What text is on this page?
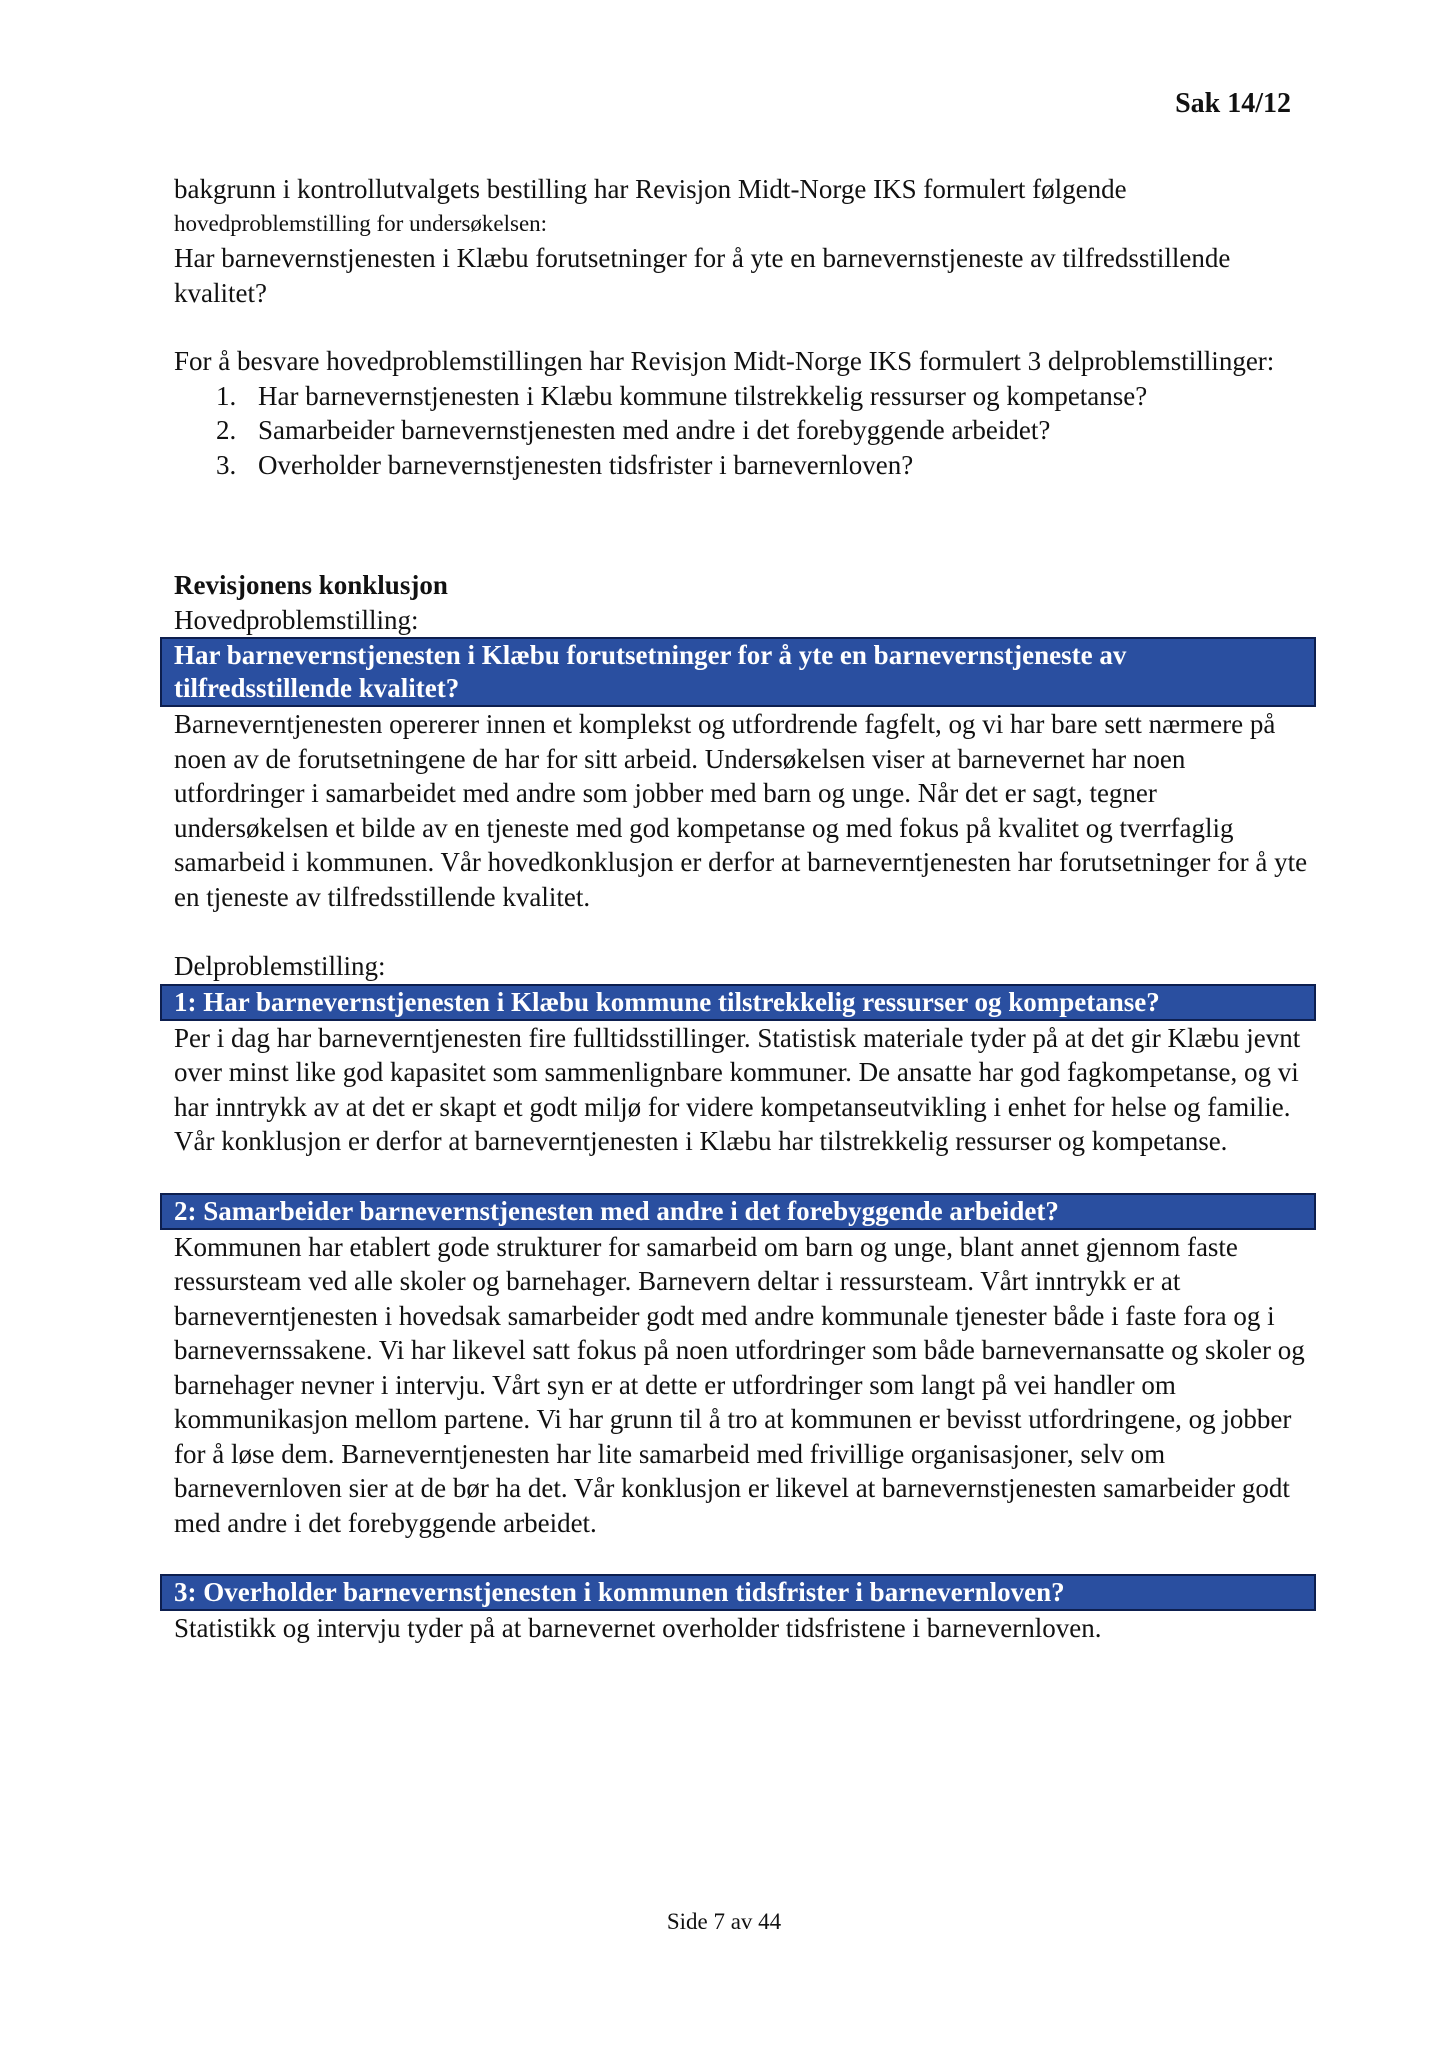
Sak 14/12

bakgrunn i kontrollutvalgets bestilling har Revisjon Midt-Norge IKS formulert følgende

hovedproblemstilling for undersøkelsen:

Har barnevernstjenesten i Klæbu forutsetninger for å yte en barnevernstjeneste av tilfredsstillende kvalitet?

For å besvare hovedproblemstillingen har Revisjon Midt-Norge IKS formulert 3 delproblemstillinger:

1. Har barnevernstjenesten i Klæbu kommune tilstrekkelig ressurser og kompetanse?
2. Samarbeider barnevernstjenesten med andre i det forebyggende arbeidet?
3. Overholder barnevernstjenesten tidsfrister i barnevernloven?

Revisjonens konklusjon

Hovedproblemstilling:

Har barnevernstjenesten i Klæbu forutsetninger for å yte en barnevernstjeneste av tilfredsstillende kvalitet?

Barneverntjenesten opererer innen et komplekst og utfordrende fagfelt, og vi har bare sett nærmere på noen av de forutsetningene de har for sitt arbeid. Undersøkelsen viser at barnevernet har noen utfordringer i samarbeidet med andre som jobber med barn og unge. Når det er sagt, tegner undersøkelsen et bilde av en tjeneste med god kompetanse og med fokus på kvalitet og tverrfaglig samarbeid i kommunen. Vår hovedkonklusjon er derfor at barneverntjenesten har forutsetninger for å yte en tjeneste av tilfredsstillende kvalitet.

Delproblemstilling:

1: Har barnevernstjenesten i Klæbu kommune tilstrekkelig ressurser og kompetanse?

Per i dag har barneverntjenesten fire fulltidsstillinger. Statistisk materiale tyder på at det gir Klæbu jevnt over minst like god kapasitet som sammenlignbare kommuner. De ansatte har god fagkompetanse, og vi har inntrykk av at det er skapt et godt miljø for videre kompetanseutvikling i enhet for helse og familie. Vår konklusjon er derfor at barneverntjenesten i Klæbu har tilstrekkelig ressurser og kompetanse.

2: Samarbeider barnevernstjenesten med andre i det forebyggende arbeidet?

Kommunen har etablert gode strukturer for samarbeid om barn og unge, blant annet gjennom faste ressursteam ved alle skoler og barnehager. Barnevern deltar i ressursteam. Vårt inntrykk er at barneverntjenesten i hovedsak samarbeider godt med andre kommunale tjenester både i faste fora og i barnevernssakene. Vi har likevel satt fokus på noen utfordringer som både barnevernansatte og skoler og barnehager nevner i intervju. Vårt syn er at dette er utfordringer som langt på vei handler om kommunikasjon mellom partene. Vi har grunn til å tro at kommunen er bevisst utfordringene, og jobber for å løse dem. Barneverntjenesten har lite samarbeid med frivillige organisasjoner, selv om barnevernloven sier at de bør ha det. Vår konklusjon er likevel at barnevernstjenesten samarbeider godt med andre i det forebyggende arbeidet.

3: Overholder barnevernstjenesten i kommunen tidsfrister i barnevernloven?

Statistikk og intervju tyder på at barnevernet overholder tidsfristene i barnevernloven.

Side 7 av 44
